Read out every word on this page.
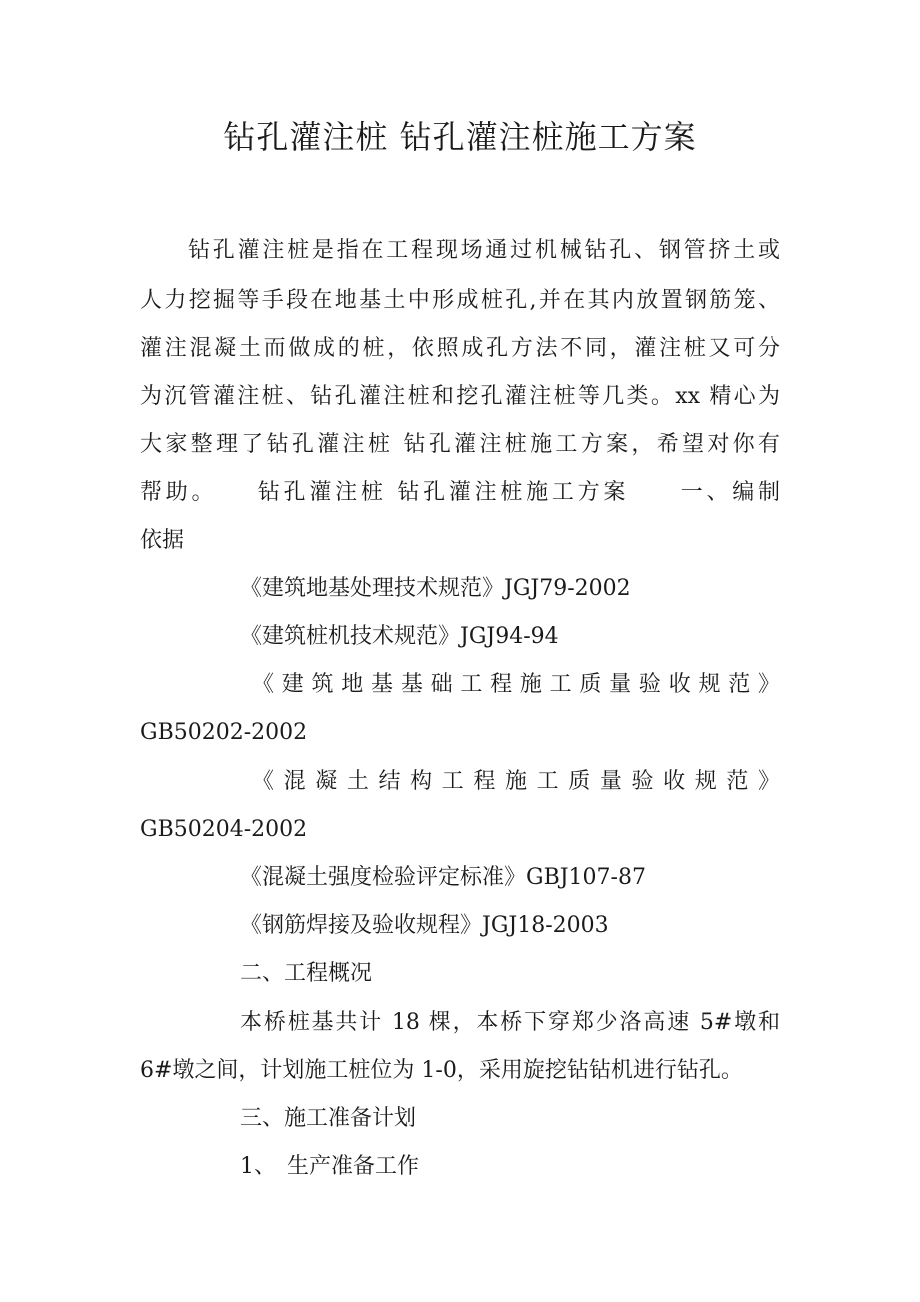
钻孔灌注桩 钻孔灌注桩施工方案

钻孔灌注桩是指在工程现场通过机械钻孔、钢管挤土或

人力挖掘等手段在地基土中形成桩孔,并在其内放置钢筋笼、

灌注混凝土而做成的桩，依照成孔方法不同，灌注桩又可分

为沉管灌注桩、钻孔灌注桩和挖孔灌注桩等几类。xx 精心为

大家整理了钻孔灌注桩 钻孔灌注桩施工方案，希望对你有

帮助。　　钻孔灌注桩 钻孔灌注桩施工方案　　一、编制

依据

《建筑地基处理技术规范》JGJ79-2002

《建筑桩机技术规范》JGJ94-94

《建筑地基基础工程施工质量验收规范》

GB50202-2002

《混凝土结构工程施工质量验收规范》

GB50204-2002

《混凝土强度检验评定标准》GBJ107-87

《钢筋焊接及验收规程》JGJ18-2003

二、工程概况

本桥桩基共计 18 棵，本桥下穿郑少洛高速 5#墩和

6#墩之间，计划施工桩位为 1-0，采用旋挖钻钻机进行钻孔。

三、施工准备计划

1、　生产准备工作
